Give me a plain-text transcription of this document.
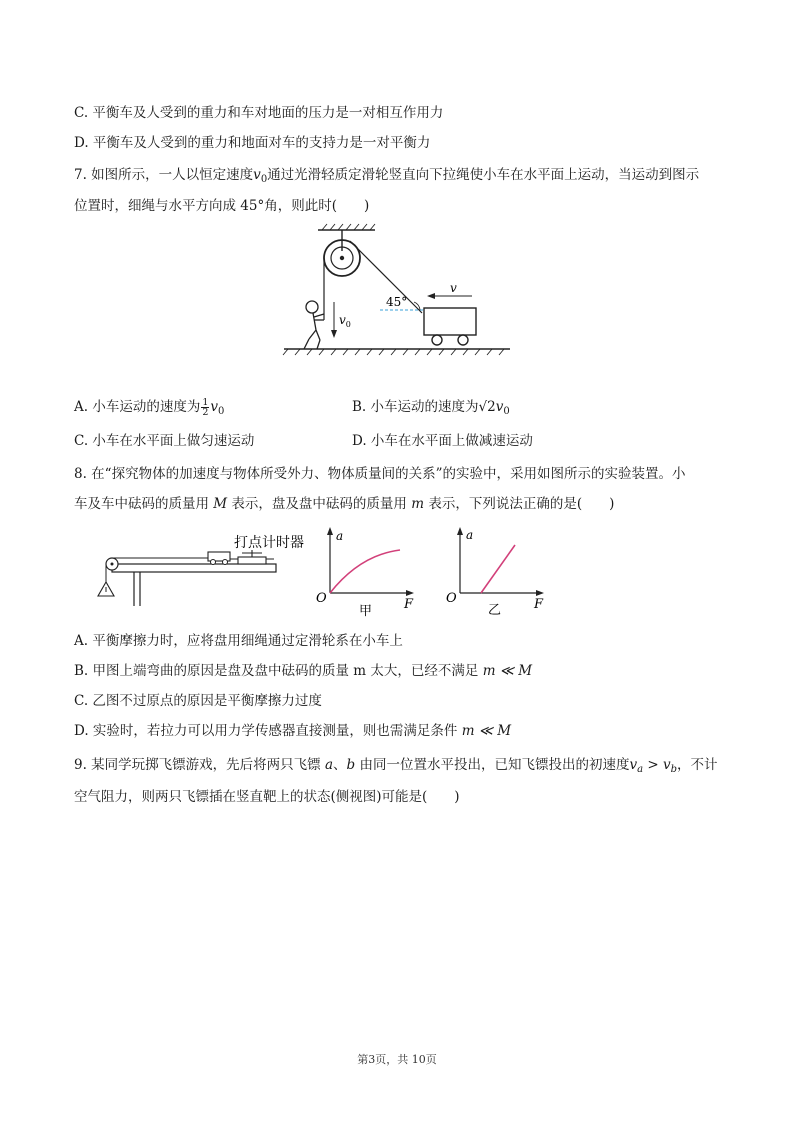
C. 平衡车及人受到的重力和车对地面的压力是一对相互作用力
D. 平衡车及人受到的重力和地面对车的支持力是一对平衡力
7. 如图所示，一人以恒定速度$v_0$通过光滑轻质定滑轮竖直向下拉绳使小车在水平面上运动，当运动到图示
位置时，细绳与水平方向成 45°角，则此时(　　)
$v_0$
45°
v
A. 小车运动的速度为 $\frac{1}{2} v_0$	B. 小车运动的速度为$√2v_0$
C. 小车在水平面上做匀速运动	D. 小车在水平面上做减速运动
8. 在“探究物体的加速度与物体所受外力、物体质量间的关系”的实验中，采用如图所示的实验装置。小
车及车中砝码的质量用 M 表示，盘及盘中砝码的质量用 m 表示，下列说法正确的是(　　)
打点计时器	a
F
O
甲
a
F
O
乙
A. 平衡摩擦力时，应将盘用细绳通过定滑轮系在小车上
B. 甲图上端弯曲的原因是盘及盘中砝码的质量 m 太大，已经不满足 m ≪ M
C. 乙图不过原点的原因是平衡摩擦力过度
D. 实验时，若拉力可以用力学传感器直接测量，则也需满足条件 m ≪ M
9. 某同学玩掷飞镖游戏，先后将两只飞镖 a、b 由同一位置水平投出，已知飞镖投出的初速度$v_a > v_b$，不计
空气阻力，则两只飞镖插在竖直靶上的状态(侧视图)可能是(　　)
第3页，共 10页
